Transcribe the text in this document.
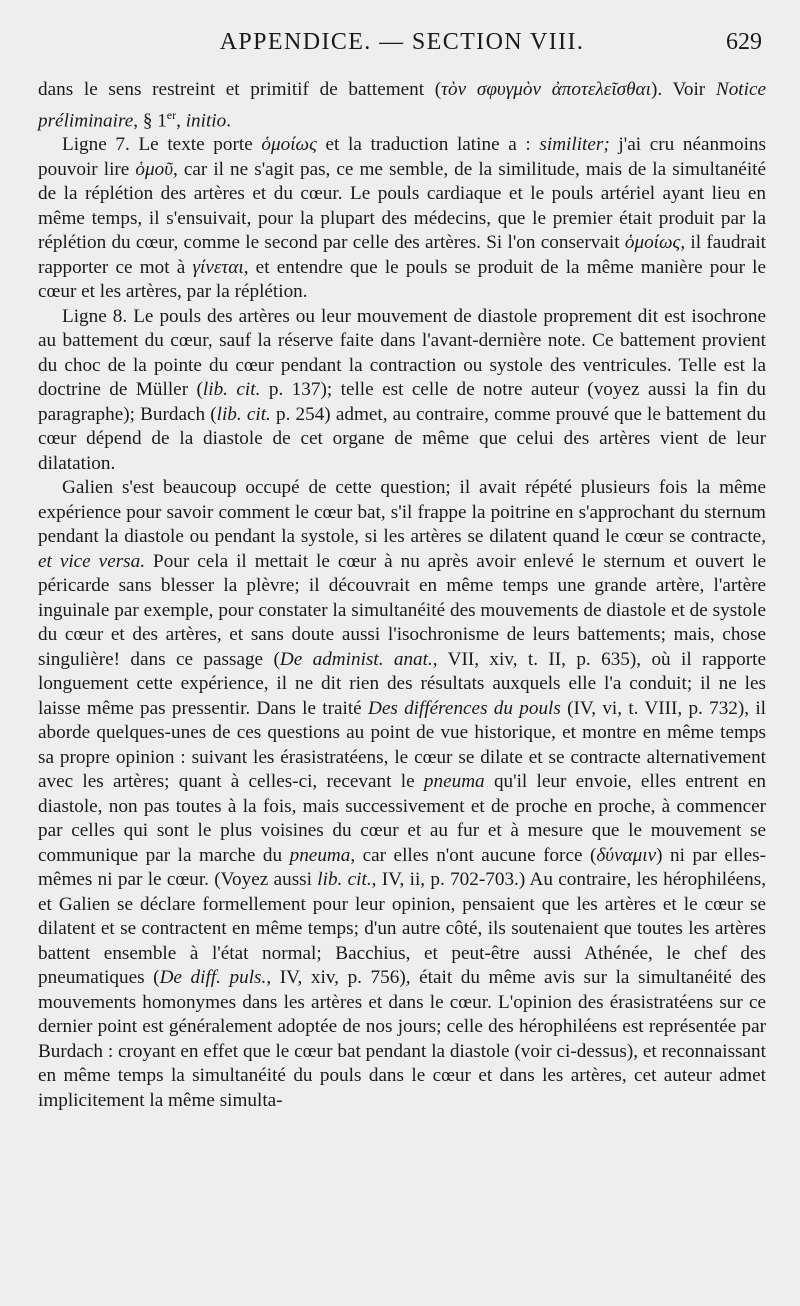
APPENDICE. — SECTION VIII.	629

dans le sens restreint et primitif de battement (τὸν σφυγμὸν ἀποτελεῖσθαι). Voir Notice préliminaire, § 1er, initio.

Ligne 7. Le texte porte ὁμοίως et la traduction latine a : similiter; j'ai cru néanmoins pouvoir lire ὁμοῦ, car il ne s'agit pas, ce me semble, de la similitude, mais de la simultanéité de la réplétion des artères et du cœur. Le pouls cardiaque et le pouls artériel ayant lieu en même temps, il s'ensuivait, pour la plupart des médecins, que le premier était produit par la réplétion du cœur, comme le second par celle des artères. Si l'on conservait ὁμοίως, il faudrait rapporter ce mot à γίνεται, et entendre que le pouls se produit de la même manière pour le cœur et les artères, par la réplétion.

Ligne 8. Le pouls des artères ou leur mouvement de diastole proprement dit est isochrone au battement du cœur, sauf la réserve faite dans l'avant-dernière note. Ce battement provient du choc de la pointe du cœur pendant la contraction ou systole des ventricules. Telle est la doctrine de Müller (lib. cit. p. 137); telle est celle de notre auteur (voyez aussi la fin du paragraphe); Burdach (lib. cit. p. 254) admet, au contraire, comme prouvé que le battement du cœur dépend de la diastole de cet organe de même que celui des artères vient de leur dilatation.

Galien s'est beaucoup occupé de cette question; il avait répété plusieurs fois la même expérience pour savoir comment le cœur bat, s'il frappe la poitrine en s'approchant du sternum pendant la diastole ou pendant la systole, si les artères se dilatent quand le cœur se contracte, et vice versa. Pour cela il mettait le cœur à nu après avoir enlevé le sternum et ouvert le péricarde sans blesser la plèvre; il découvrait en même temps une grande artère, l'artère inguinale par exemple, pour constater la simultanéité des mouvements de diastole et de systole du cœur et des artères, et sans doute aussi l'isochronisme de leurs battements; mais, chose singulière! dans ce passage (De administ. anat., VII, xiv, t. II, p. 635), où il rapporte longuement cette expérience, il ne dit rien des résultats auxquels elle l'a conduit; il ne les laisse même pas pressentir. Dans le traité Des différences du pouls (IV, vi, t. VIII, p. 732), il aborde quelques-unes de ces questions au point de vue historique, et montre en même temps sa propre opinion : suivant les érasistratéens, le cœur se dilate et se contracte alternativement avec les artères; quant à celles-ci, recevant le pneuma qu'il leur envoie, elles entrent en diastole, non pas toutes à la fois, mais successivement et de proche en proche, à commencer par celles qui sont le plus voisines du cœur et au fur et à mesure que le mouvement se communique par la marche du pneuma, car elles n'ont aucune force (δύναμιν) ni par elles-mêmes ni par le cœur. (Voyez aussi lib. cit., IV, ii, p. 702-703.) Au contraire, les hérophiléens, et Galien se déclare formellement pour leur opinion, pensaient que les artères et le cœur se dilatent et se contractent en même temps; d'un autre côté, ils soutenaient que toutes les artères battent ensemble à l'état normal; Bacchius, et peut-être aussi Athénée, le chef des pneumatiques (De diff. puls., IV, xiv, p. 756), était du même avis sur la simultanéité des mouvements homonymes dans les artères et dans le cœur. L'opinion des érasistratéens sur ce dernier point est généralement adoptée de nos jours; celle des hérophiléens est représentée par Burdach : croyant en effet que le cœur bat pendant la diastole (voir ci-dessus), et reconnaissant en même temps la simultanéité du pouls dans le cœur et dans les artères, cet auteur admet implicitement la même simulta-
